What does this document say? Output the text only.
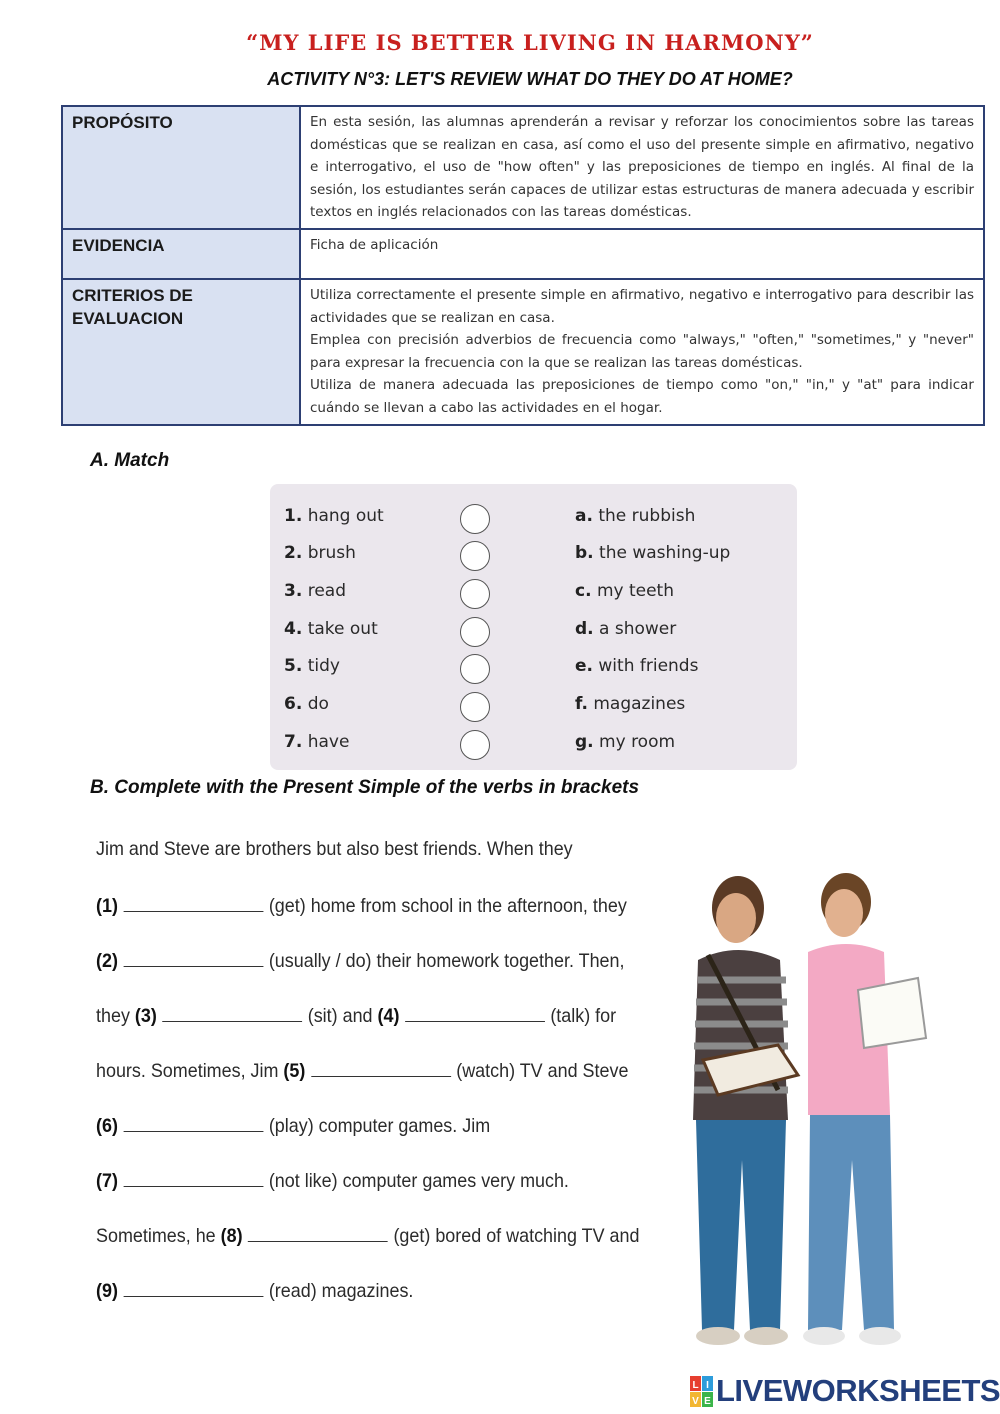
“MY LIFE IS BETTER LIVING IN HARMONY”
ACTIVITY N°3: LET'S REVIEW WHAT DO THEY DO AT HOME?
PROPÓSITO	En esta sesión, las alumnas aprenderán a revisar y reforzar los conocimientos sobre las tareas domésticas que se realizan en casa, así como el uso del presente simple en afirmativo, negativo e interrogativo, el uso de "how often" y las preposiciones de tiempo en inglés. Al final de la sesión, los estudiantes serán capaces de utilizar estas estructuras de manera adecuada y escribir textos en inglés relacionados con las tareas domésticas.
EVIDENCIA	Ficha de aplicación
CRITERIOS DE EVALUACION	Utiliza correctamente el presente simple en afirmativo, negativo e interrogativo para describir las actividades que se realizan en casa.
Emplea con precisión adverbios de frecuencia como "always," "often," "sometimes," y "never" para expresar la frecuencia con la que se realizan las tareas domésticas.
Utiliza de manera adecuada las preposiciones de tiempo como "on," "in," y "at" para indicar cuándo se llevan a cabo las actividades en el hogar.
A. Match
1. hang out	a. the rubbish
2. brush	b. the washing-up
3. read	c. my teeth
4. take out	d. a shower
5. tidy	e. with friends
6. do	f. magazines
7. have	g. my room
B. Complete with the Present Simple of the verbs in brackets
Jim and Steve are brothers but also best friends. When they
(1)	(get) home from school in the afternoon, they
(2)	(usually / do) their homework together. Then,
they (3)	(sit) and (4)	(talk) for
hours. Sometimes, Jim (5)	(watch) TV and Steve
(6)	(play) computer games. Jim
(7)	(not like) computer games very much.
Sometimes, he (8)	(get) bored of watching TV and
(9)	(read) magazines.
L I
V E LIVEWORKSHEETS
